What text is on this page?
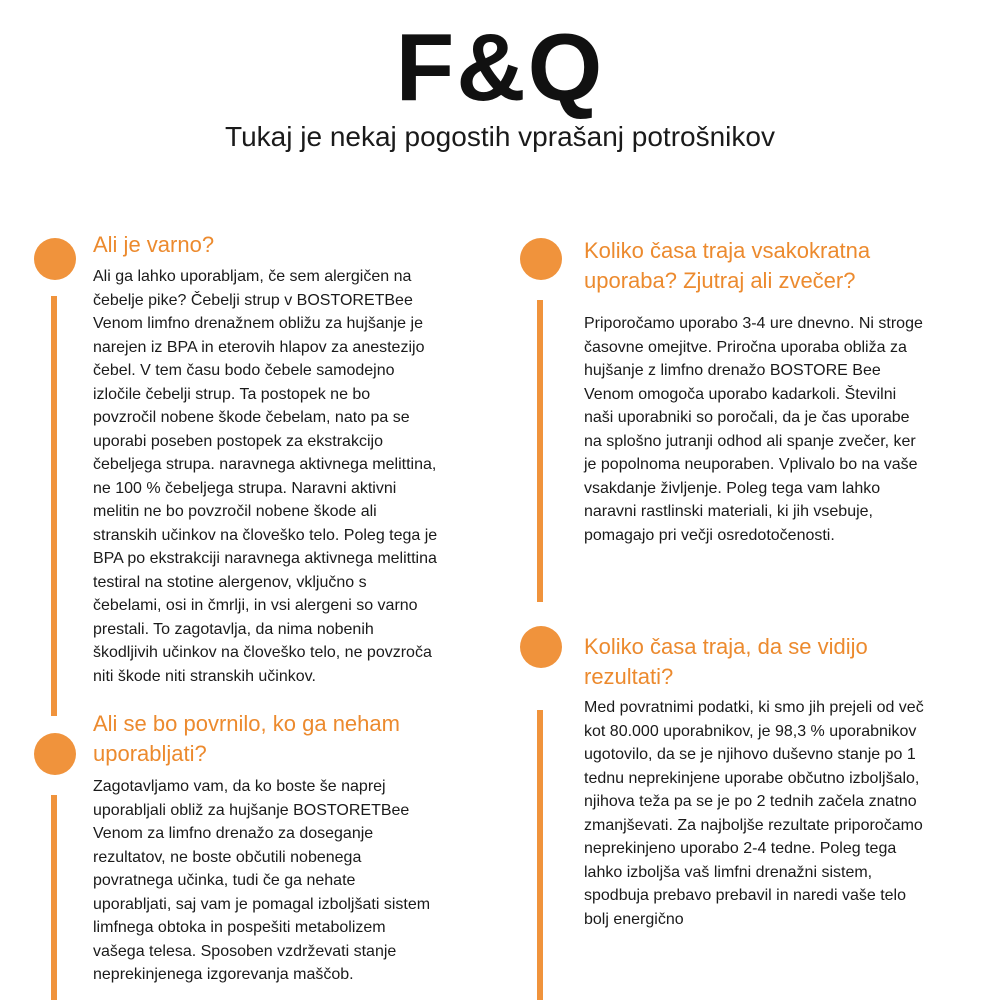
F&Q
Tukaj je nekaj pogostih vprašanj potrošnikov
Ali je varno?
Ali ga lahko uporabljam, če sem alergičen na
čebelje pike? Čebelji strup v BOSTORETBee
Venom limfno drenažnem obližu za hujšanje je
narejen iz BPA in eterovih hlapov za anestezijo
čebel. V tem času bodo čebele samodejno
izločile čebelji strup. Ta postopek ne bo
povzročil nobene škode čebelam, nato pa se
uporabi poseben postopek za ekstrakcijo
čebeljega strupa. naravnega aktivnega melittina,
ne 100 % čebeljega strupa. Naravni aktivni
melitin ne bo povzročil nobene škode ali
stranskih učinkov na človeško telo. Poleg tega je
BPA po ekstrakciji naravnega aktivnega melittina
testiral na stotine alergenov, vključno s
čebelami, osi in čmrlji, in vsi alergeni so varno
prestali. To zagotavlja, da nima nobenih
škodljivih učinkov na človeško telo, ne povzroča
niti škode niti stranskih učinkov.
Ali se bo povrnilo, ko ga neham
uporabljati?
Zagotavljamo vam, da ko boste še naprej
uporabljali obliž za hujšanje BOSTORETBee
Venom za limfno drenažo za doseganje
rezultatov, ne boste občutili nobenega
povratnega učinka, tudi če ga nehate
uporabljati, saj vam je pomagal izboljšati sistem
limfnega obtoka in pospešiti metabolizem
vašega telesa. Sposoben vzdrževati stanje
neprekinjenega izgorevanja maščob.
Koliko časa traja vsakokratna
uporaba? Zjutraj ali zvečer?
Priporočamo uporabo 3-4 ure dnevno. Ni stroge
časovne omejitve. Priročna uporaba obliža za
hujšanje z limfno drenažo BOSTORE Bee
Venom omogoča uporabo kadarkoli. Številni
naši uporabniki so poročali, da je čas uporabe
na splošno jutranji odhod ali spanje zvečer, ker
je popolnoma neuporaben. Vplivalo bo na vaše
vsakdanje življenje. Poleg tega vam lahko
naravni rastlinski materiali, ki jih vsebuje,
pomagajo pri večji osredotočenosti.
Koliko časa traja, da se vidijo
rezultati?
Med povratnimi podatki, ki smo jih prejeli od več
kot 80.000 uporabnikov, je 98,3 % uporabnikov
ugotovilo, da se je njihovo duševno stanje po 1
tednu neprekinjene uporabe občutno izboljšalo,
njihova teža pa se je po 2 tednih začela znatno
zmanjševati. Za najboljše rezultate priporočamo
neprekinjeno uporabo 2-4 tedne. Poleg tega
lahko izboljša vaš limfni drenažni sistem,
spodbuja prebavo prebavil in naredi vaše telo
bolj energično
